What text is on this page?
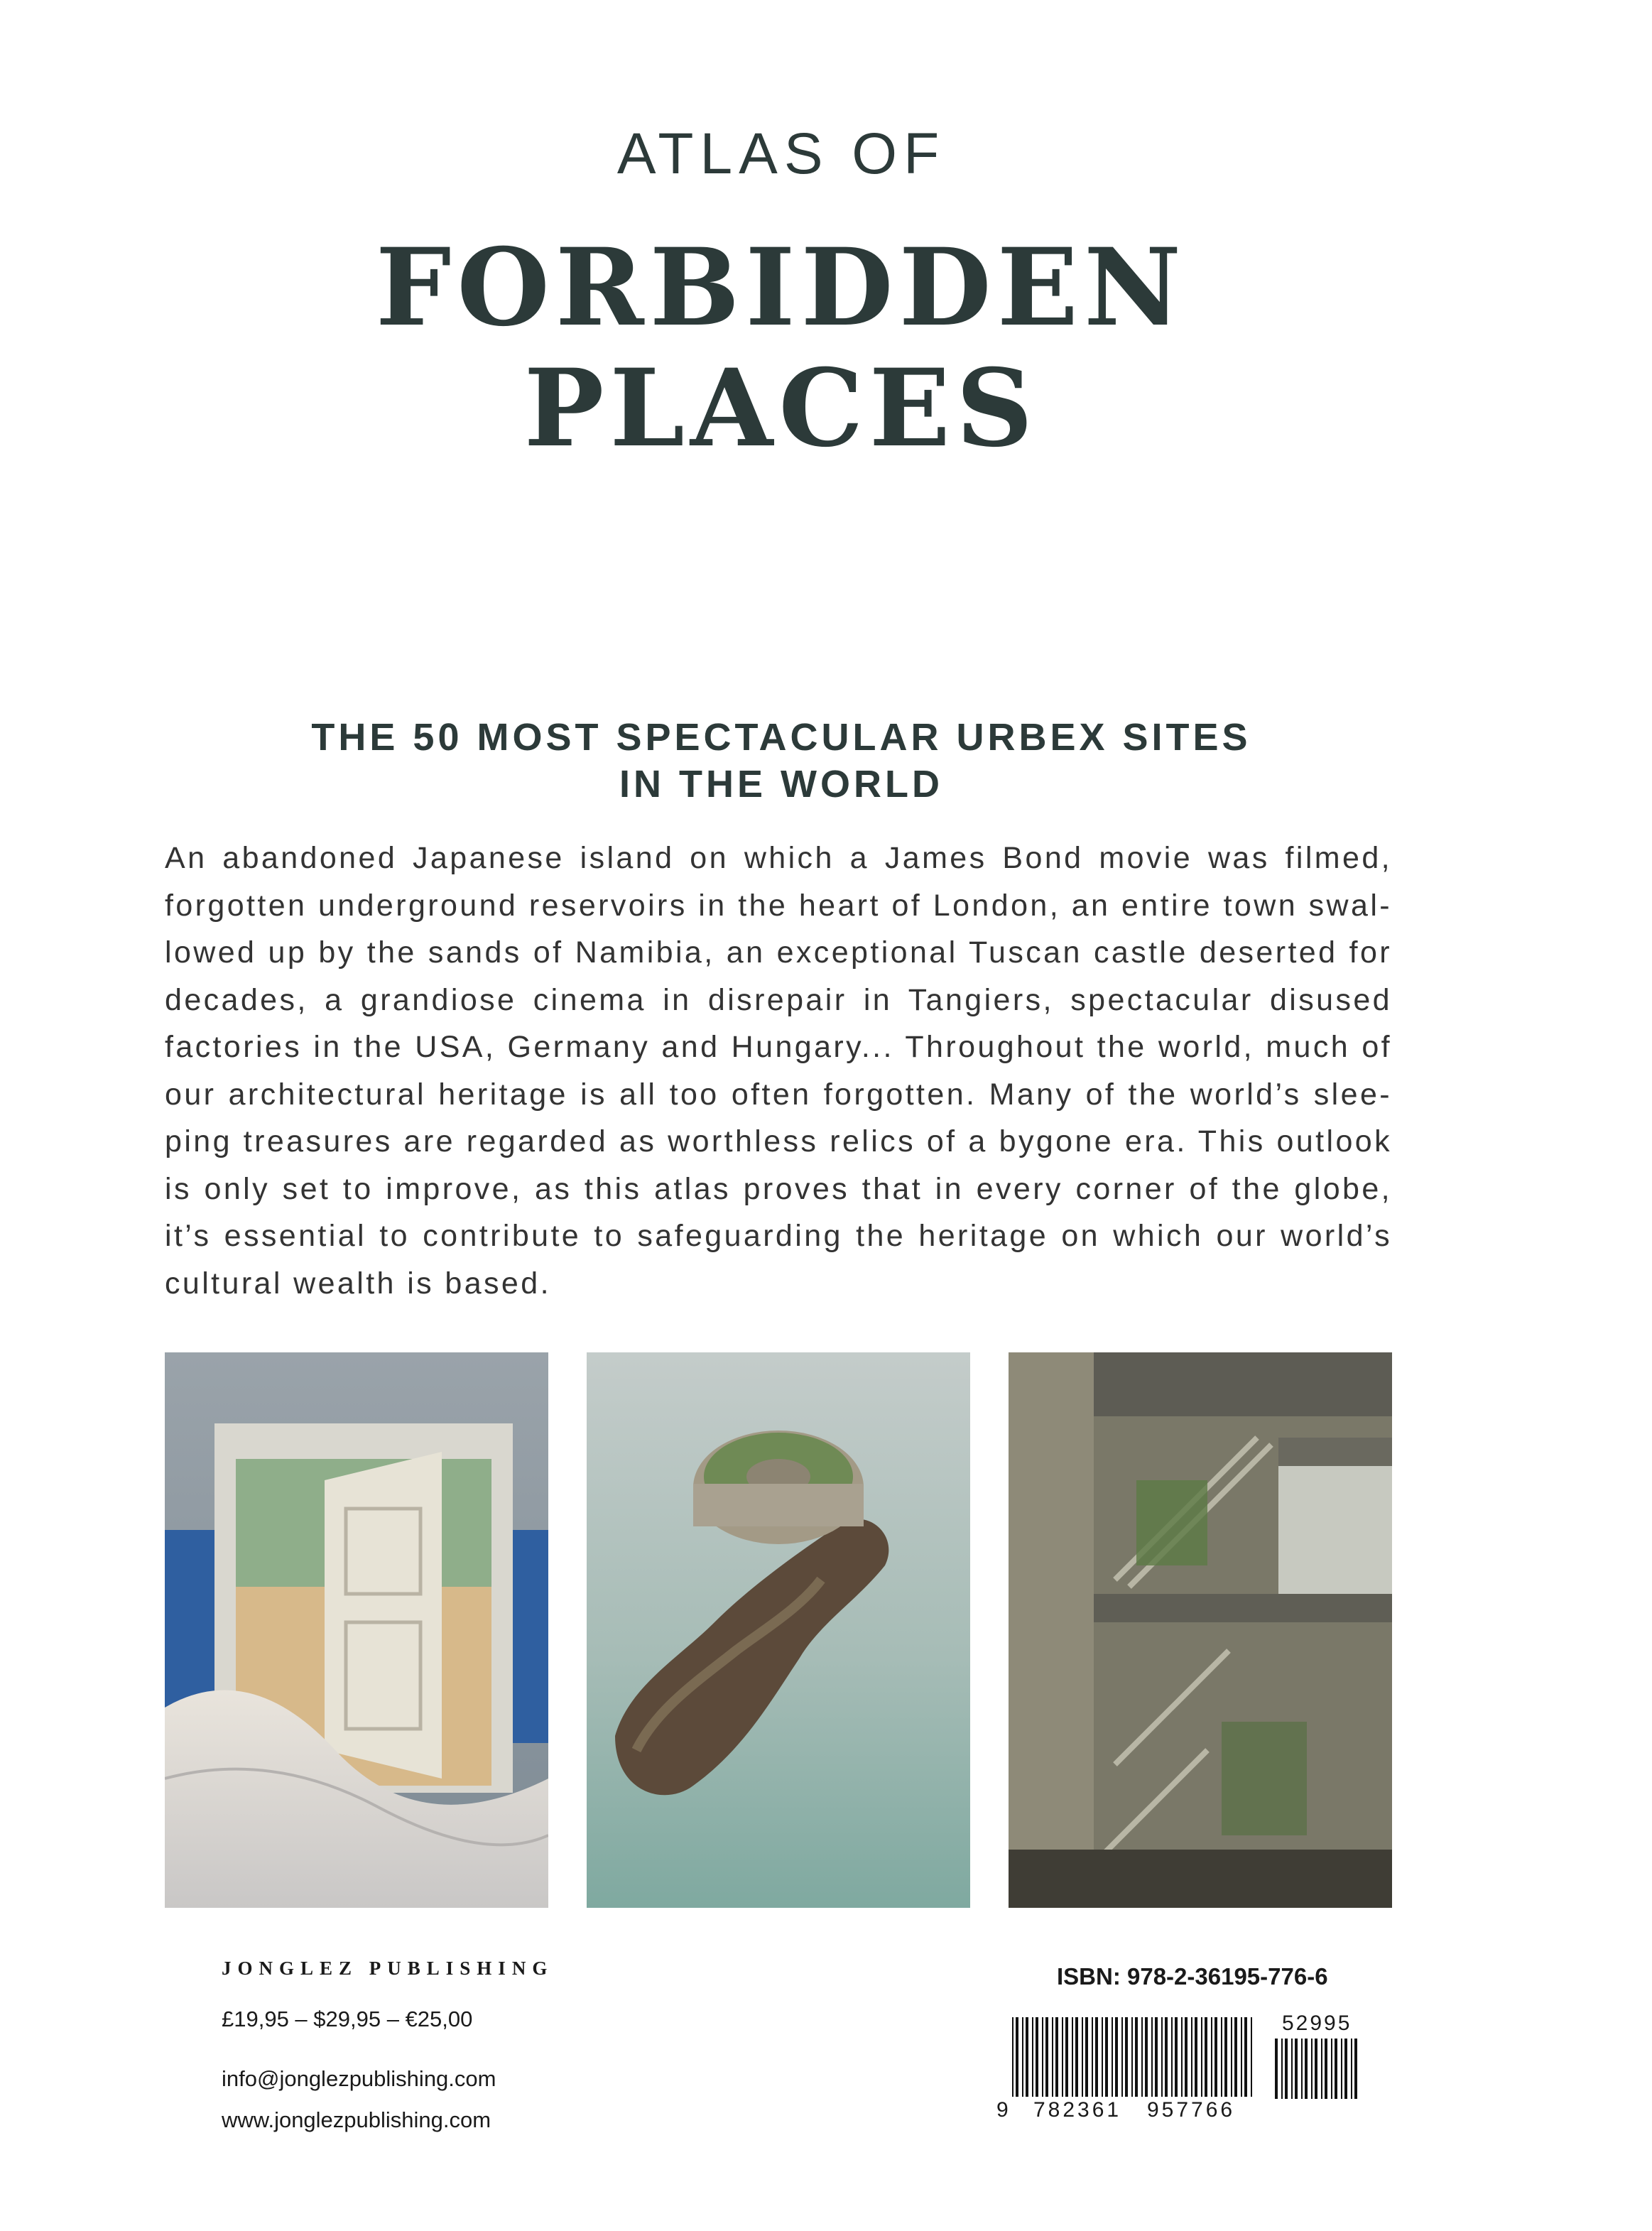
ATLAS OF
FORBIDDEN
PLACES
THE 50 MOST SPECTACULAR URBEX SITES
IN THE WORLD
An abandoned Japanese island on which a James Bond movie was filmed, forgotten underground reservoirs in the heart of London, an entire town swal-lowed up by the sands of Namibia, an exceptional Tuscan castle deserted for decades, a grandiose cinema in disrepair in Tangiers, spectacular disused factories in the USA, Germany and Hungary... Throughout the world, much of our architectural heritage is all too often forgotten. Many of the world’s slee-ping treasures are regarded as worthless relics of a bygone era. This outlook is only set to improve, as this atlas proves that in every corner of the globe, it’s essential to contribute to safeguarding the heritage on which our world’s cultural wealth is based.
JONGLEZ PUBLISHING
£19,95 – $29,95 – €25,00
info@jonglezpublishing.com
www.jonglezpublishing.com
ISBN: 978-2-36195-776-6
9 782361 957766
52995
